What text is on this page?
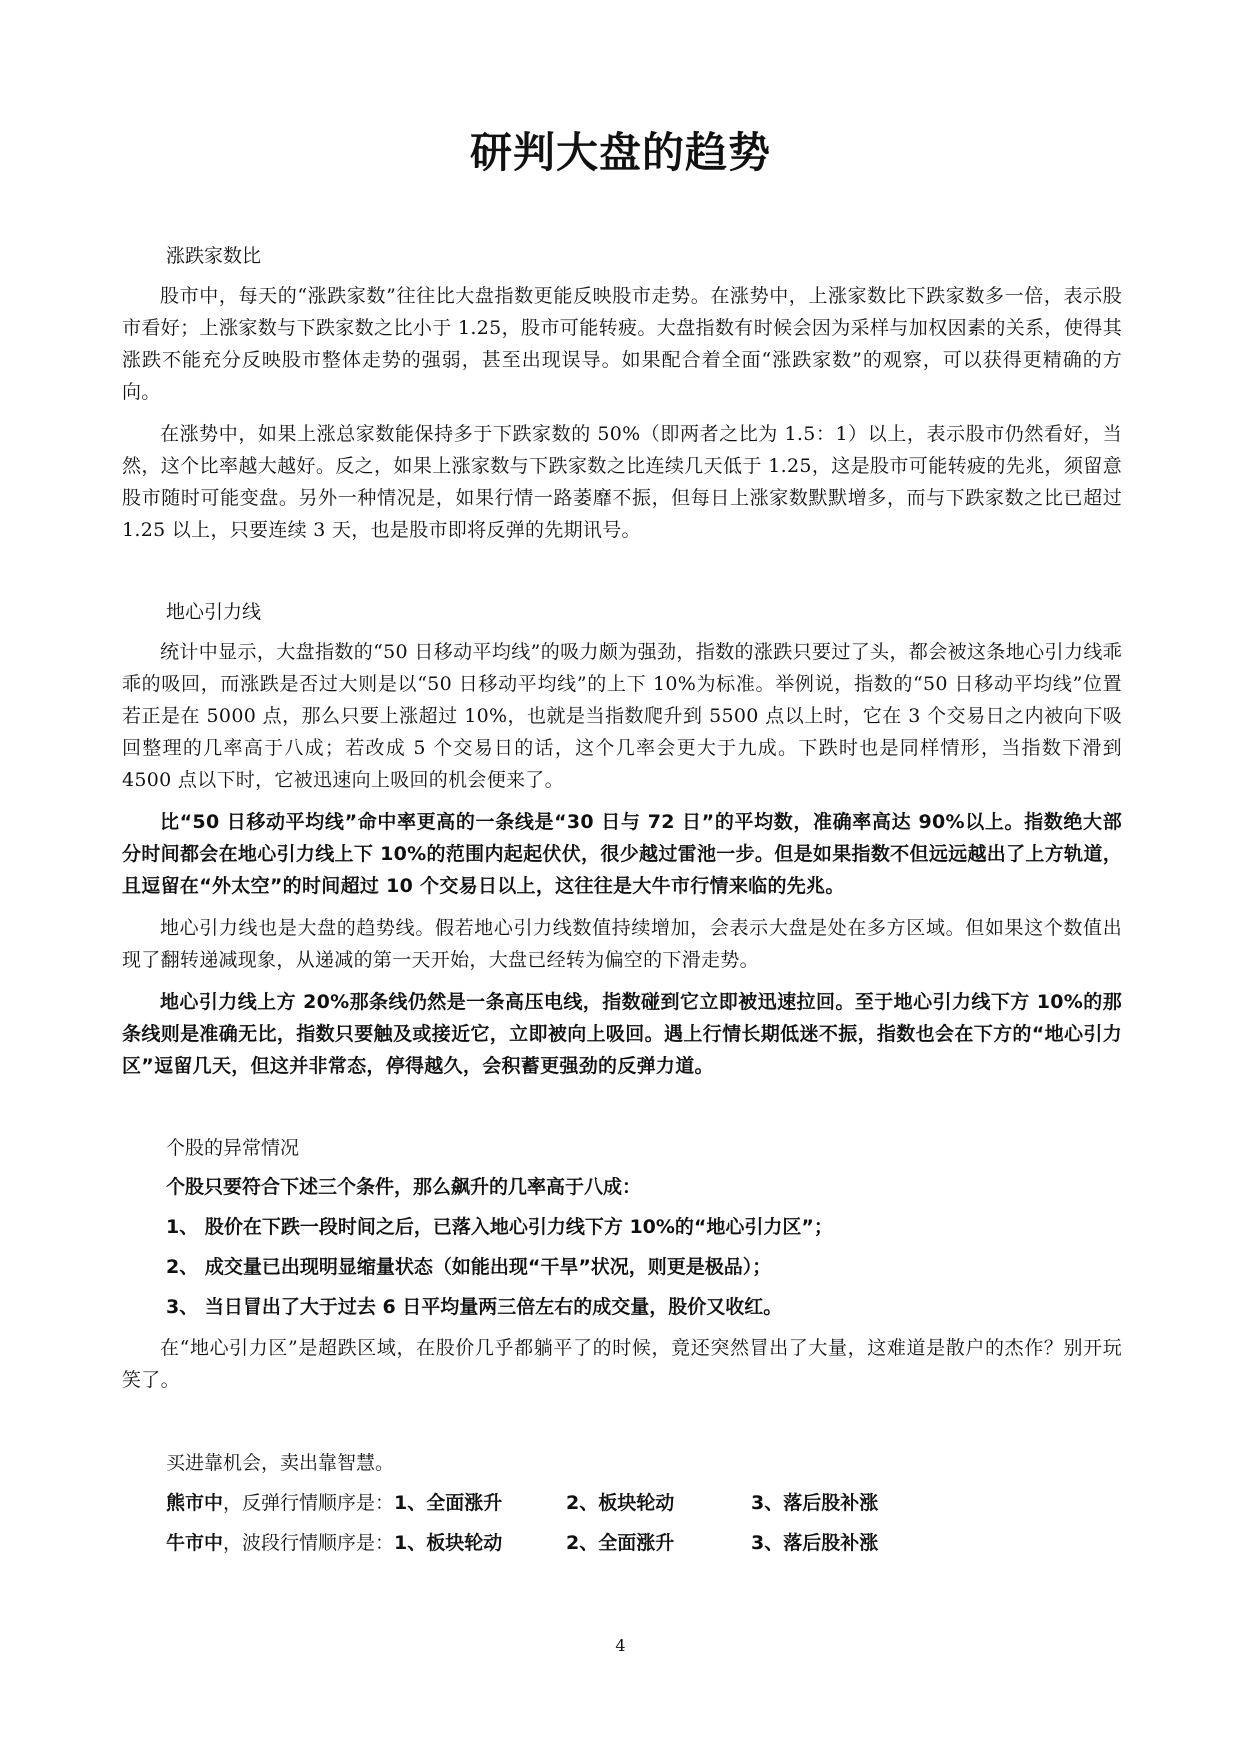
研判大盘的趋势
涨跌家数比

股市中，每天的“涨跌家数”往往比大盘指数更能反映股市走势。在涨势中，上涨家数比下跌家数多一倍，表示股市看好；上涨家数与下跌家数之比小于 1.25，股市可能转疲。大盘指数有时候会因为采样与加权因素的关系，使得其涨跌不能充分反映股市整体走势的强弱，甚至出现误导。如果配合着全面“涨跌家数”的观察，可以获得更精确的方向。

在涨势中，如果上涨总家数能保持多于下跌家数的 50%（即两者之比为 1.5：1）以上，表示股市仍然看好，当然，这个比率越大越好。反之，如果上涨家数与下跌家数之比连续几天低于 1.25，这是股市可能转疲的先兆，须留意股市随时可能变盘。另外一种情况是，如果行情一路萎靡不振，但每日上涨家数默默增多，而与下跌家数之比已超过 1.25 以上，只要连续 3 天，也是股市即将反弹的先期讯号。

地心引力线

统计中显示，大盘指数的“50 日移动平均线”的吸力颇为强劲，指数的涨跌只要过了头，都会被这条地心引力线乖乖的吸回，而涨跌是否过大则是以“50 日移动平均线”的上下 10%为标准。举例说，指数的“50 日移动平均线”位置若正是在 5000 点，那么只要上涨超过 10%，也就是当指数爬升到 5500 点以上时，它在 3 个交易日之内被向下吸回整理的几率高于八成；若改成 5 个交易日的话，这个几率会更大于九成。下跌时也是同样情形，当指数下滑到 4500 点以下时，它被迅速向上吸回的机会便来了。

比“50 日移动平均线”命中率更高的一条线是“30 日与 72 日”的平均数，准确率高达 90%以上。指数绝大部分时间都会在地心引力线上下 10%的范围内起起伏伏，很少越过雷池一步。但是如果指数不但远远越出了上方轨道，且逗留在“外太空”的时间超过 10 个交易日以上，这往往是大牛市行情来临的先兆。

地心引力线也是大盘的趋势线。假若地心引力线数值持续增加，会表示大盘是处在多方区域。但如果这个数值出现了翻转递减现象，从递减的第一天开始，大盘已经转为偏空的下滑走势。

地心引力线上方 20%那条线仍然是一条高压电线，指数碰到它立即被迅速拉回。至于地心引力线下方 10%的那条线则是准确无比，指数只要触及或接近它，立即被向上吸回。遇上行情长期低迷不振，指数也会在下方的“地心引力区”逗留几天，但这并非常态，停得越久，会积蓄更强劲的反弹力道。

个股的异常情况
个股只要符合下述三个条件，那么飙升的几率高于八成：
1、 股价在下跌一段时间之后，已落入地心引力线下方 10%的“地心引力区”；
2、 成交量已出现明显缩量状态（如能出现“干旱”状况，则更是极品）；
3、 当日冒出了大于过去 6 日平均量两三倍左右的成交量，股价又收红。

在“地心引力区”是超跌区域，在股价几乎都躺平了的时候，竟还突然冒出了大量，这难道是散户的杰作？别开玩笑了。

买进靠机会，卖出靠智慧。
熊市中，反弹行情顺序是：1、全面涨升	2、板块轮动	3、落后股补涨
牛市中，波段行情顺序是：1、板块轮动	2、全面涨升	3、落后股补涨
4
